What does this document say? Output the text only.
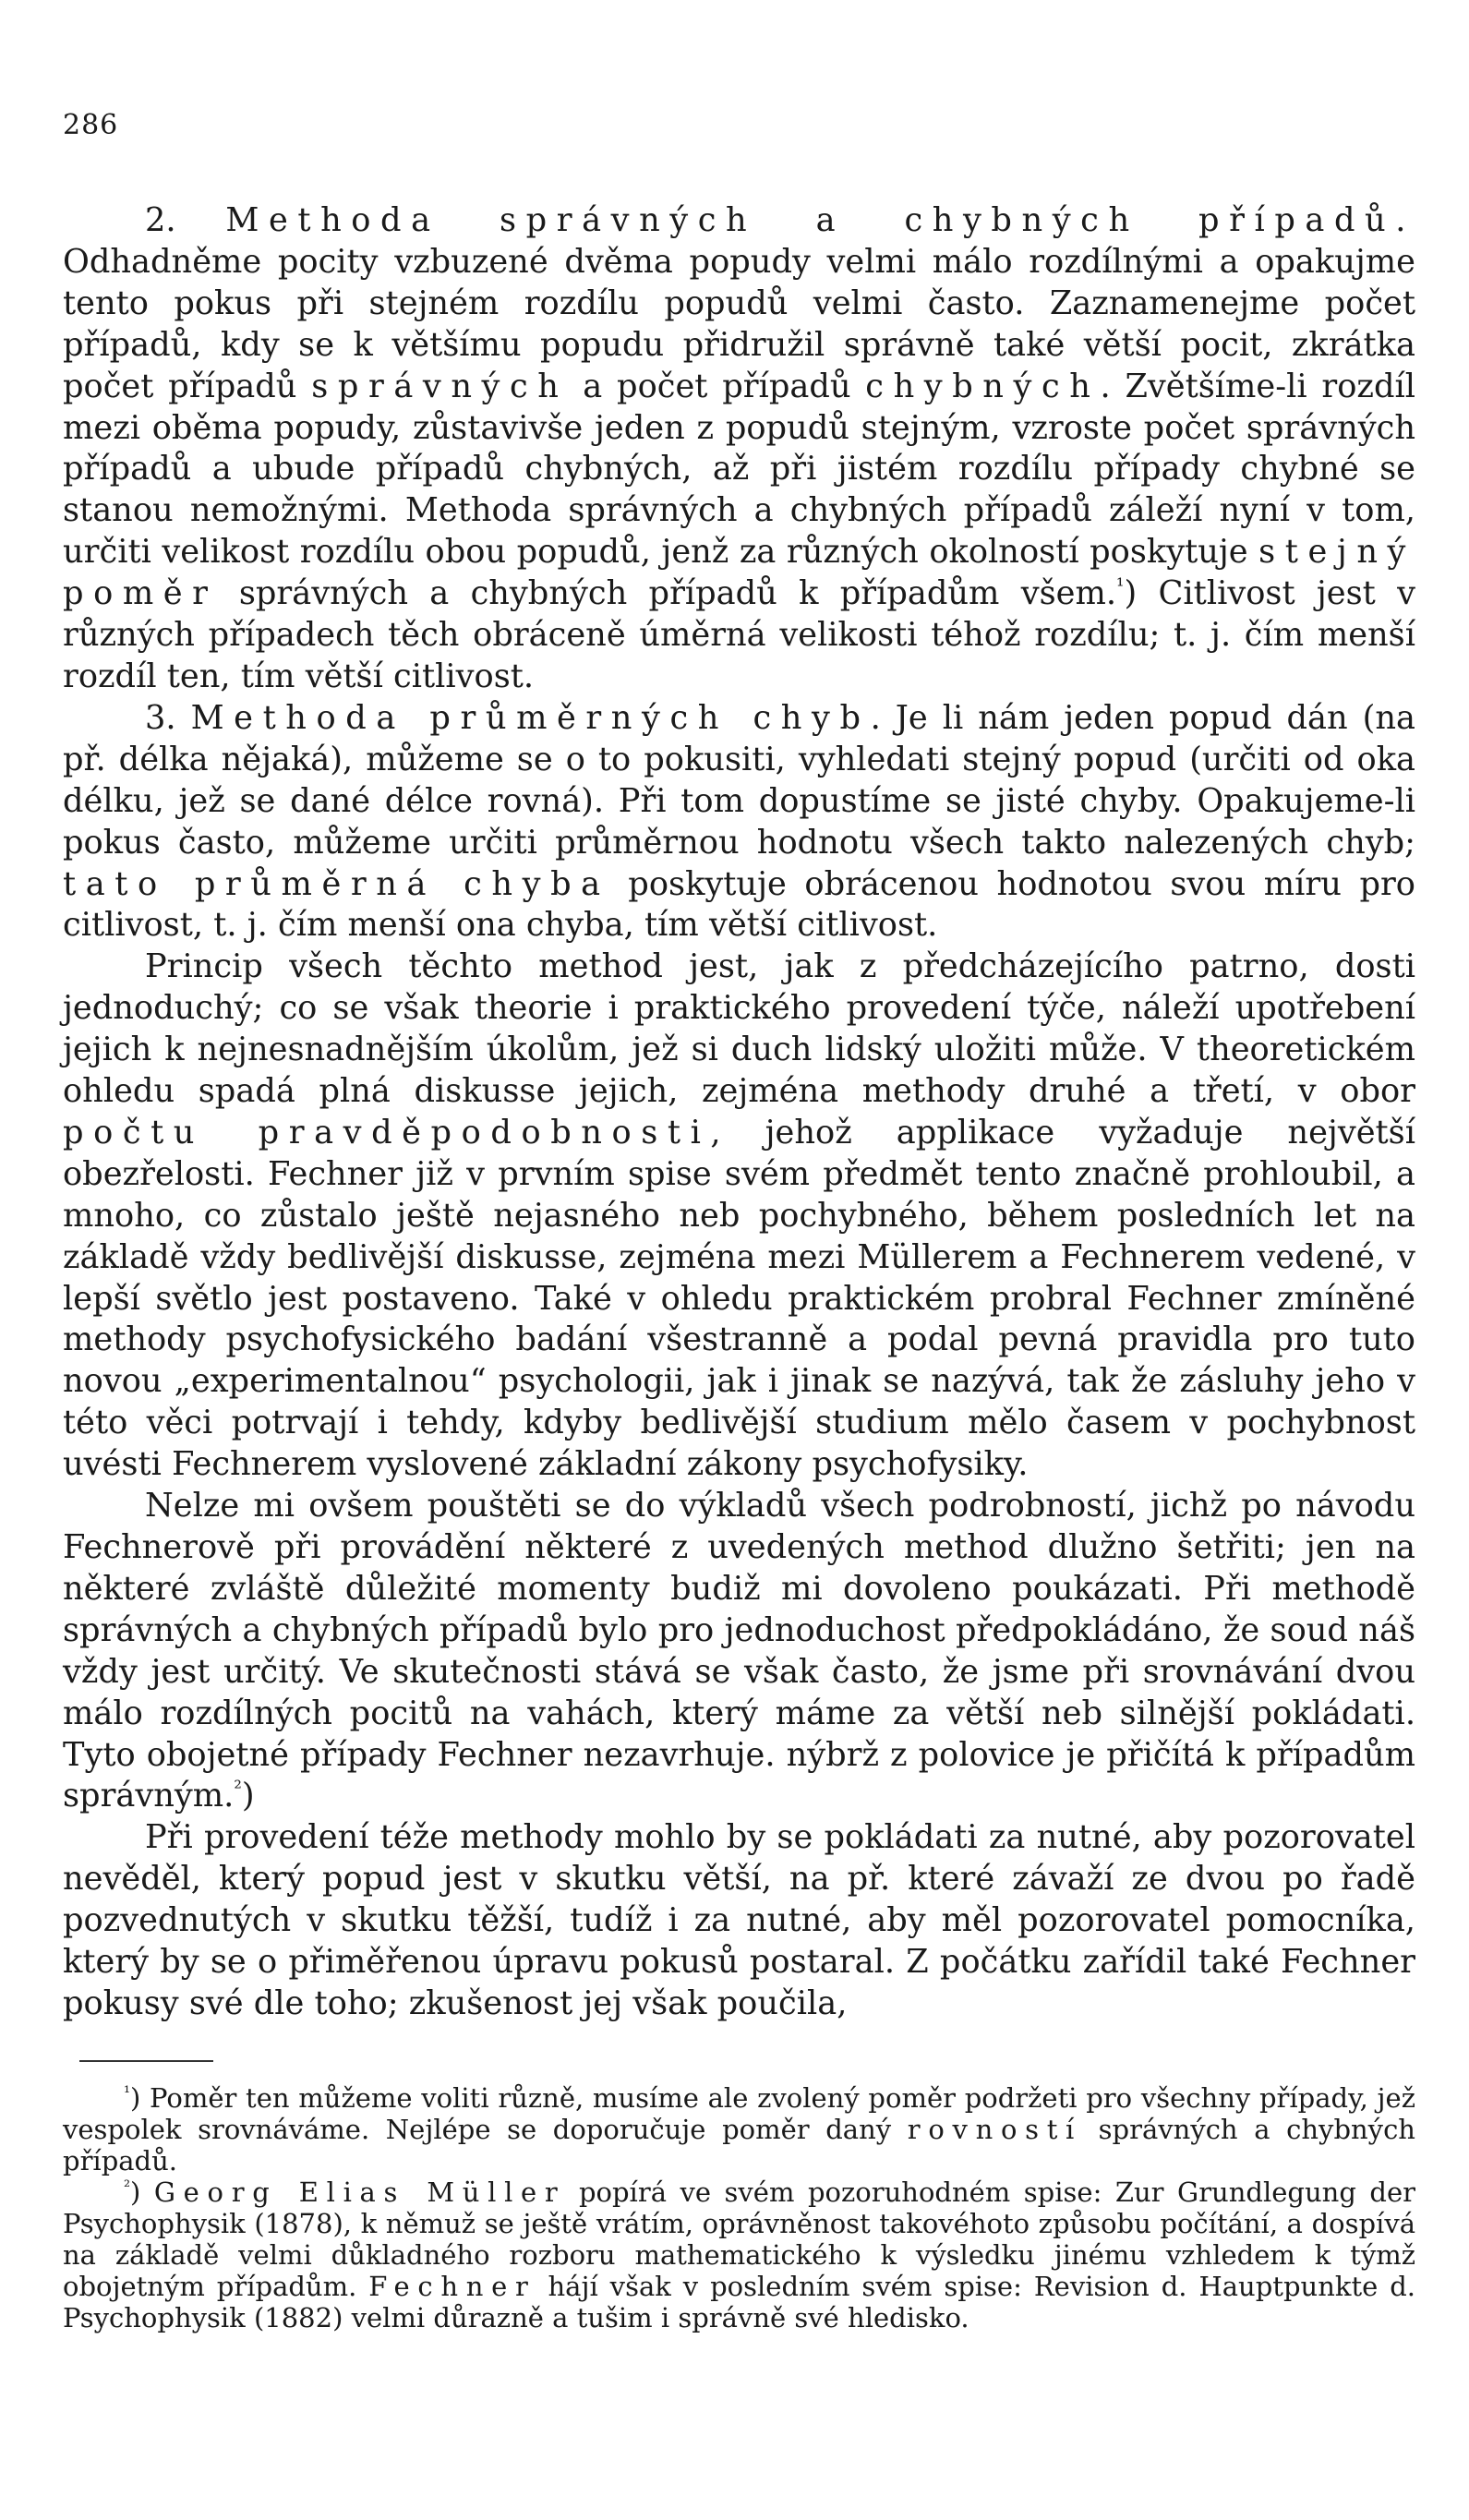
286

2. Methoda správných a chybných případů. Odhadněme pocity vzbuzené dvěma popudy velmi málo rozdílnými a opakujme tento pokus při stejném rozdílu popudů velmi často. Zaznamenejme počet případů, kdy se k většímu popudu přidružil správně také větší pocit, zkrátka počet případů správných a počet případů chybných. Zvětšíme-li rozdíl mezi oběma popudy, zůstavivše jeden z popudů stejným, vzroste počet správných případů a ubude případů chybných, až při jistém rozdílu případy chybné se stanou nemožnými. Methoda správných a chybných případů záleží nyní v tom, určiti velikost rozdílu obou popudů, jenž za různých okolností poskytuje stejný poměr správných a chybných případů k případům všem.$^{^1}$) Citlivost jest v různých případech těch obráceně úměrná velikosti téhož rozdílu; t. j. čím menší rozdíl ten, tím větší citlivost.

3. Methoda průměrných chyb. Je li nám jeden popud dán (na př. délka nějaká), můžeme se o to pokusiti, vyhledati stejný popud (určiti od oka délku, jež se dané délce rovná). Při tom dopustíme se jisté chyby. Opakujeme-li pokus často, můžeme určiti průměrnou hodnotu všech takto nalezených chyb; tato průměrná chyba poskytuje obrácenou hodnotou svou míru pro citlivost, t. j. čím menší ona chyba, tím větší citlivost.

Princip všech těchto method jest, jak z předcházejícího patrno, dosti jednoduchý; co se však theorie i praktického provedení týče, náleží upotřebení jejich k nejnesnadnějším úkolům, jež si duch lidský uložiti může. V theoretickém ohledu spadá plná diskusse jejich, zejména methody druhé a třetí, v obor počtu pravděpodobnosti, jehož applikace vyžaduje největší obezřelosti. Fechner již v prvním spise svém předmět tento značně prohloubil, a mnoho, co zůstalo ještě nejasného neb pochybného, během posledních let na základě vždy bedlivější diskusse, zejména mezi Müllerem a Fechnerem vedené, v lepší světlo jest postaveno. Také v ohledu praktickém probral Fechner zmíněné methody psychofysického badání všestranně a podal pevná pravidla pro tuto novou „experimentalnou“ psychologii, jak i jinak se nazývá, tak že zásluhy jeho v této věci potrvají i tehdy, kdyby bedlivější studium mělo časem v pochybnost uvésti Fechnerem vyslovené základní zákony psychofysiky.

Nelze mi ovšem pouštěti se do výkladů všech podrobností, jichž po návodu Fechnerově při provádění některé z uvedených method dlužno šetřiti; jen na některé zvláště důležité momenty budiž mi dovoleno poukázati. Při methodě správných a chybných případů bylo pro jednoduchost předpokládáno, že soud náš vždy jest určitý. Ve skutečnosti stává se však často, že jsme při srovnávání dvou málo rozdílných pocitů na vahách, který máme za větší neb silnější pokládati. Tyto obojetné případy Fechner nezavrhuje. nýbrž z polovice je přičítá k případům správným.$^{^2}$)

Při provedení téže methody mohlo by se pokládati za nutné, aby pozorovatel nevěděl, který popud jest v skutku větší, na př. které závaží ze dvou po řadě pozvednutých v skutku těžší, tudíž i za nutné, aby měl pozorovatel pomocníka, který by se o přiměřenou úpravu pokusů postaral. Z počátku zařídil také Fechner pokusy své dle toho; zkušenost jej však poučila,

$^{^1}$) Poměr ten můžeme voliti různě, musíme ale zvolený poměr podržeti pro všechny případy, jež vespolek srovnáváme. Nejlépe se doporučuje poměr daný rovností správných a chybných případů.

$^{^2}$) Georg Elias Müller popírá ve svém pozoruhodném spise: Zur Grundlegung der Psychophysik (1878), k němuž se ještě vrátím, oprávněnost takovéhoto způsobu počítání, a dospívá na základě velmi důkladného rozboru mathematického k výsledku jinému vzhledem k týmž obojetným případům. Fechner hájí však v posledním svém spise: Revision d. Hauptpunkte d. Psychophysik (1882) velmi důrazně a tušim i správně své hledisko.
